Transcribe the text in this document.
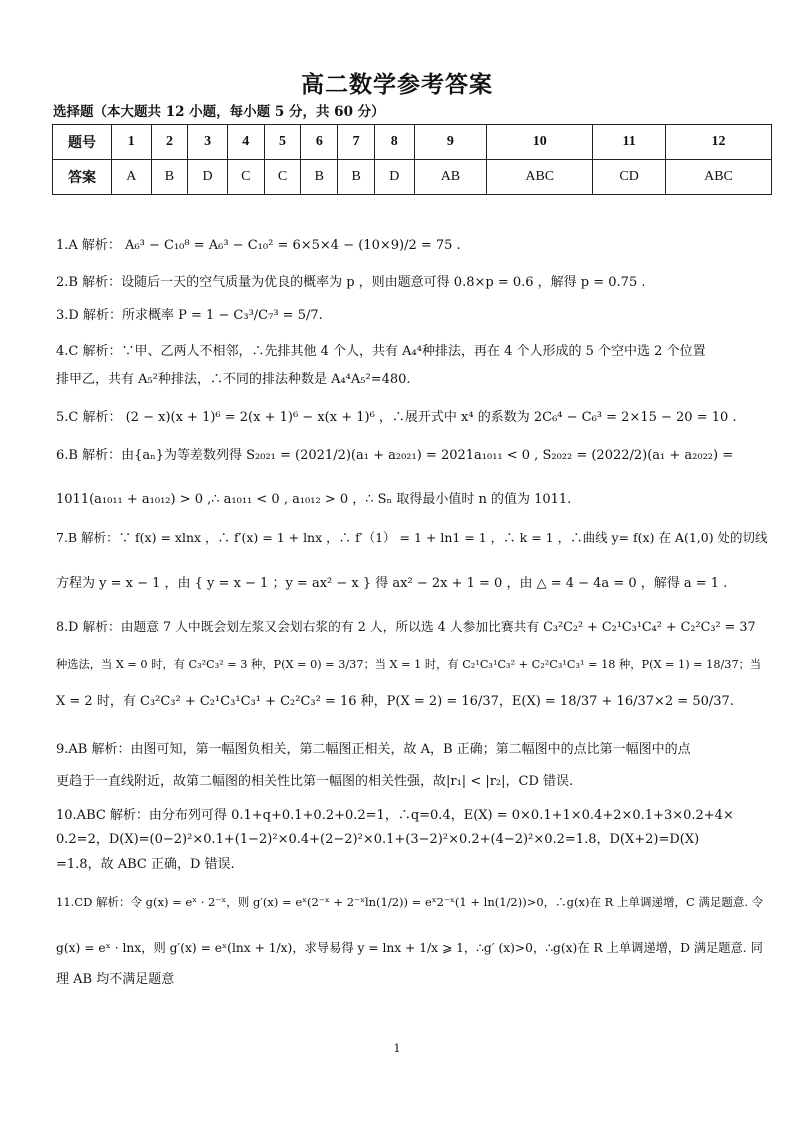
高二数学参考答案
选择题（本大题共 12 小题，每小题 5 分，共 60 分）
题号	1	2	3	4	5	6	7	8	9	10	11	12
答案	A	B	D	C	C	B	B	D	AB	ABC	CD	ABC
1.A 解析： A₆³ − C₁₀⁸ = A₆³ − C₁₀² = 6×5×4 − (10×9)/2 = 75 .
2.B 解析：设随后一天的空气质量为优良的概率为 p ，则由题意可得 0.8×p = 0.6 ，解得 p = 0.75 .
3.D 解析：所求概率 P = 1 − C₃³/C₇³ = 5/7.
4.C 解析：∵甲、乙两人不相邻，∴先排其他 4 个人，共有 A₄⁴种排法，再在 4 个人形成的 5 个空中选 2 个位置
排甲乙，共有 A₅²种排法，∴不同的排法种数是 A₄⁴A₅²=480.
5.C 解析： (2 − x)(x + 1)⁶ = 2(x + 1)⁶ − x(x + 1)⁶ ，∴展开式中 x⁴ 的系数为 2C₆⁴ − C₆³ = 2×15 − 20 = 10 .
6.B 解析：由{aₙ}为等差数列得 S₂₀₂₁ = (2021/2)(a₁ + a₂₀₂₁) = 2021a₁₀₁₁ < 0 , S₂₀₂₂ = (2022/2)(a₁ + a₂₀₂₂) =
1011(a₁₀₁₁ + a₁₀₁₂) > 0 ,∴ a₁₀₁₁ < 0 , a₁₀₁₂ > 0 ，∴ Sₙ 取得最小值时 n 的值为 1011.
7.B 解析：∵ f(x) = xlnx ，∴ f′(x) = 1 + lnx ，∴ f′（1） = 1 + ln1 = 1 ，∴ k = 1 ，∴曲线 y= f(x) 在 A(1,0) 处的切线
方程为 y = x − 1 ，由 { y = x − 1 ；y = ax² − x } 得 ax² − 2x + 1 = 0 ，由 △ = 4 − 4a = 0 ，解得 a = 1 .
8.D 解析：由题意 7 人中既会划左浆又会划右浆的有 2 人，所以选 4 人参加比赛共有 C₃²C₂² + C₂¹C₃¹C₄² + C₂²C₃² = 37
种选法，当 X = 0 时，有 C₃²C₃² = 3 种，P(X = 0) = 3/37；当 X = 1 时，有 C₂¹C₃¹C₃² + C₂²C₃¹C₃¹ = 18 种，P(X = 1) = 18/37；当
X = 2 时，有 C₃²C₃² + C₂¹C₃¹C₃¹ + C₂²C₃² = 16 种，P(X = 2) = 16/37，E(X) = 18/37 + 16/37×2 = 50/37.
9.AB 解析：由图可知，第一幅图负相关，第二幅图正相关，故 A，B 正确；第二幅图中的点比第一幅图中的点
更趋于一直线附近，故第二幅图的相关性比第一幅图的相关性强，故|r₁| < |r₂|，CD 错误.
10.ABC 解析：由分布列可得 0.1+q+0.1+0.2+0.2=1，∴q=0.4，E(X) = 0×0.1+1×0.4+2×0.1+3×0.2+4×
0.2=2，D(X)=(0−2)²×0.1+(1−2)²×0.4+(2−2)²×0.1+(3−2)²×0.2+(4−2)²×0.2=1.8，D(X+2)=D(X)
=1.8，故 ABC 正确，D 错误.
11.CD 解析：令 g(x) = eˣ · 2⁻ˣ，则 g′(x) = eˣ(2⁻ˣ + 2⁻ˣln(1/2)) = eˣ2⁻ˣ(1 + ln(1/2))>0，∴g(x)在 R 上单调递增，C 满足题意. 令
g(x) = eˣ · lnx，则 g′(x) = eˣ(lnx + 1/x)，求导易得 y = lnx + 1/x ⩾ 1，∴g′ (x)>0，∴g(x)在 R 上单调递增，D 满足题意. 同
理 AB 均不满足题意
1
